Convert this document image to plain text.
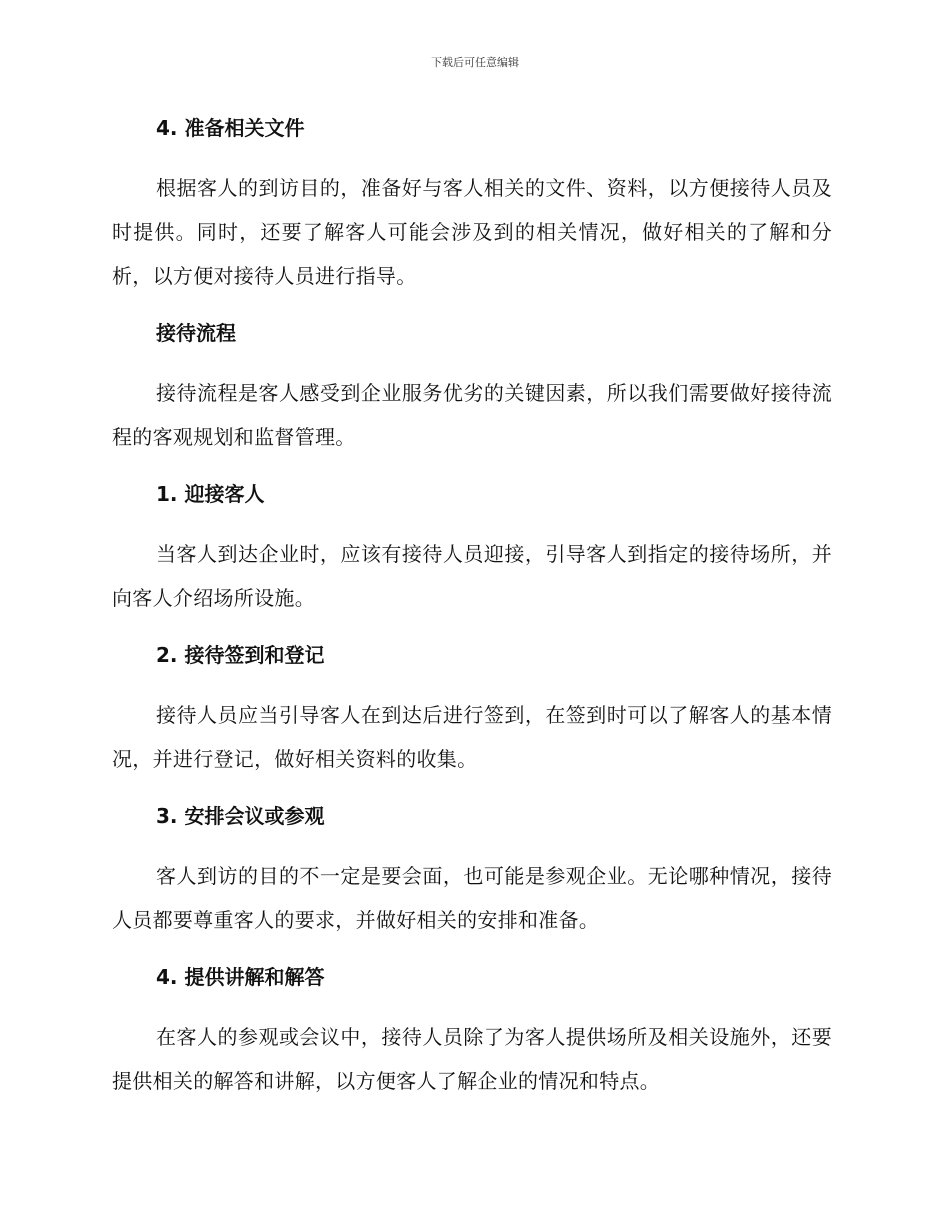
下载后可任意编辑

4. 准备相关文件

根据客人的到访目的，准备好与客人相关的文件、资料，以方便接待人员及时提供。同时，还要了解客人可能会涉及到的相关情况，做好相关的了解和分析，以方便对接待人员进行指导。

接待流程

接待流程是客人感受到企业服务优劣的关键因素，所以我们需要做好接待流程的客观规划和监督管理。

1. 迎接客人

当客人到达企业时，应该有接待人员迎接，引导客人到指定的接待场所，并向客人介绍场所设施。

2. 接待签到和登记

接待人员应当引导客人在到达后进行签到，在签到时可以了解客人的基本情况，并进行登记，做好相关资料的收集。

3. 安排会议或参观

客人到访的目的不一定是要会面，也可能是参观企业。无论哪种情况，接待人员都要尊重客人的要求，并做好相关的安排和准备。

4. 提供讲解和解答

在客人的参观或会议中，接待人员除了为客人提供场所及相关设施外，还要提供相关的解答和讲解，以方便客人了解企业的情况和特点。
